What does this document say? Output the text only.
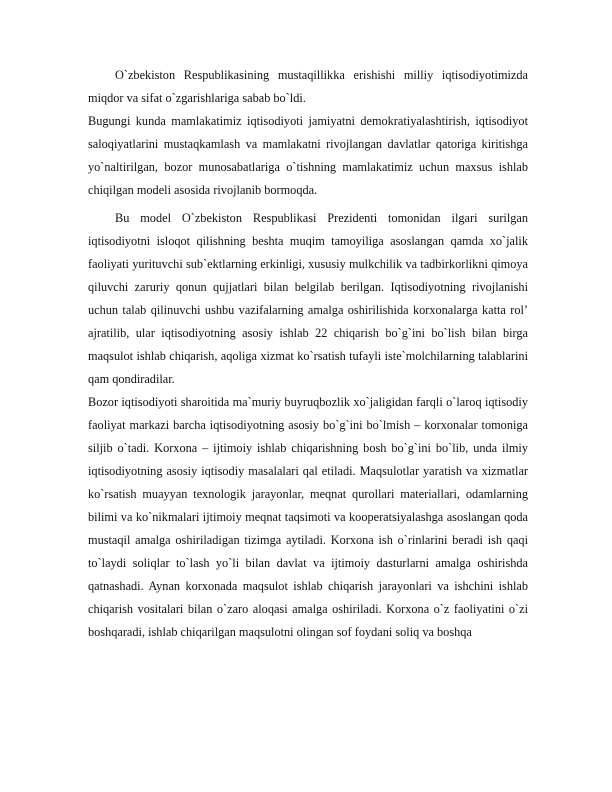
O`zbekiston Respublikasining mustaqillikka erishishi milliy iqtisodiyotimizda miqdor va sifat o`zgarishlariga sabab bo`ldi.

Bugungi kunda mamlakatimiz iqtisodiyoti jamiyatni demokratiyalashtirish, iqtisodiyot saloqiyatlarini mustaqkamlash va mamlakatni rivojlangan davlatlar qatoriga kiritishga yo`naltirilgan, bozor munosabatlariga o`tishning mamlakatimiz uchun maxsus ishlab chiqilgan modeli asosida rivojlanib bormoqda.

Bu model O`zbekiston Respublikasi Prezidenti tomonidan ilgari surilgan iqtisodiyotni isloqot qilishning beshta muqim tamoyiliga asoslangan qamda xo`jalik faoliyati yurituvchi sub`ektlarning erkinligi, xususiy mulkchilik va tadbirkorlikni qimoya qiluvchi zaruriy qonun qujjatlari bilan belgilab berilgan. Iqtisodiyotning rivojlanishi uchun talab qilinuvchi ushbu vazifalarning amalga oshirilishida korxonalarga katta rol’ ajratilib, ular iqtisodiyotning asosiy ishlab 22 chiqarish bo`g`ini bo`lish bilan birga maqsulot ishlab chiqarish, aqoliga xizmat ko`rsatish tufayli iste`molchilarning talablarini qam qondiradilar.

Bozor iqtisodiyoti sharoitida ma`muriy buyruqbozlik xo`jaligidan farqli o`laroq iqtisodiy faoliyat markazi barcha iqtisodiyotning asosiy bo`g`ini bo`lmish – korxonalar tomoniga siljib o`tadi. Korxona – ijtimoiy ishlab chiqarishning bosh bo`g`ini bo`lib, unda ilmiy iqtisodiyotning asosiy iqtisodiy masalalari qal etiladi. Maqsulotlar yaratish va xizmatlar ko`rsatish muayyan texnologik jarayonlar, meqnat qurollari materiallari, odamlarning bilimi va ko`nikmalari ijtimoiy meqnat taqsimoti va kooperatsiyalashga asoslangan qoda mustaqil amalga oshiriladigan tizimga aytiladi. Korxona ish o`rinlarini beradi ish qaqi to`laydi soliqlar to`lash yo`li bilan davlat va ijtimoiy dasturlarni amalga oshirishda qatnashadi. Aynan korxonada maqsulot ishlab chiqarish jarayonlari va ishchini ishlab chiqarish vositalari bilan o`zaro aloqasi amalga oshiriladi. Korxona o`z faoliyatini o`zi boshqaradi, ishlab chiqarilgan maqsulotni olingan sof foydani soliq va boshqa
